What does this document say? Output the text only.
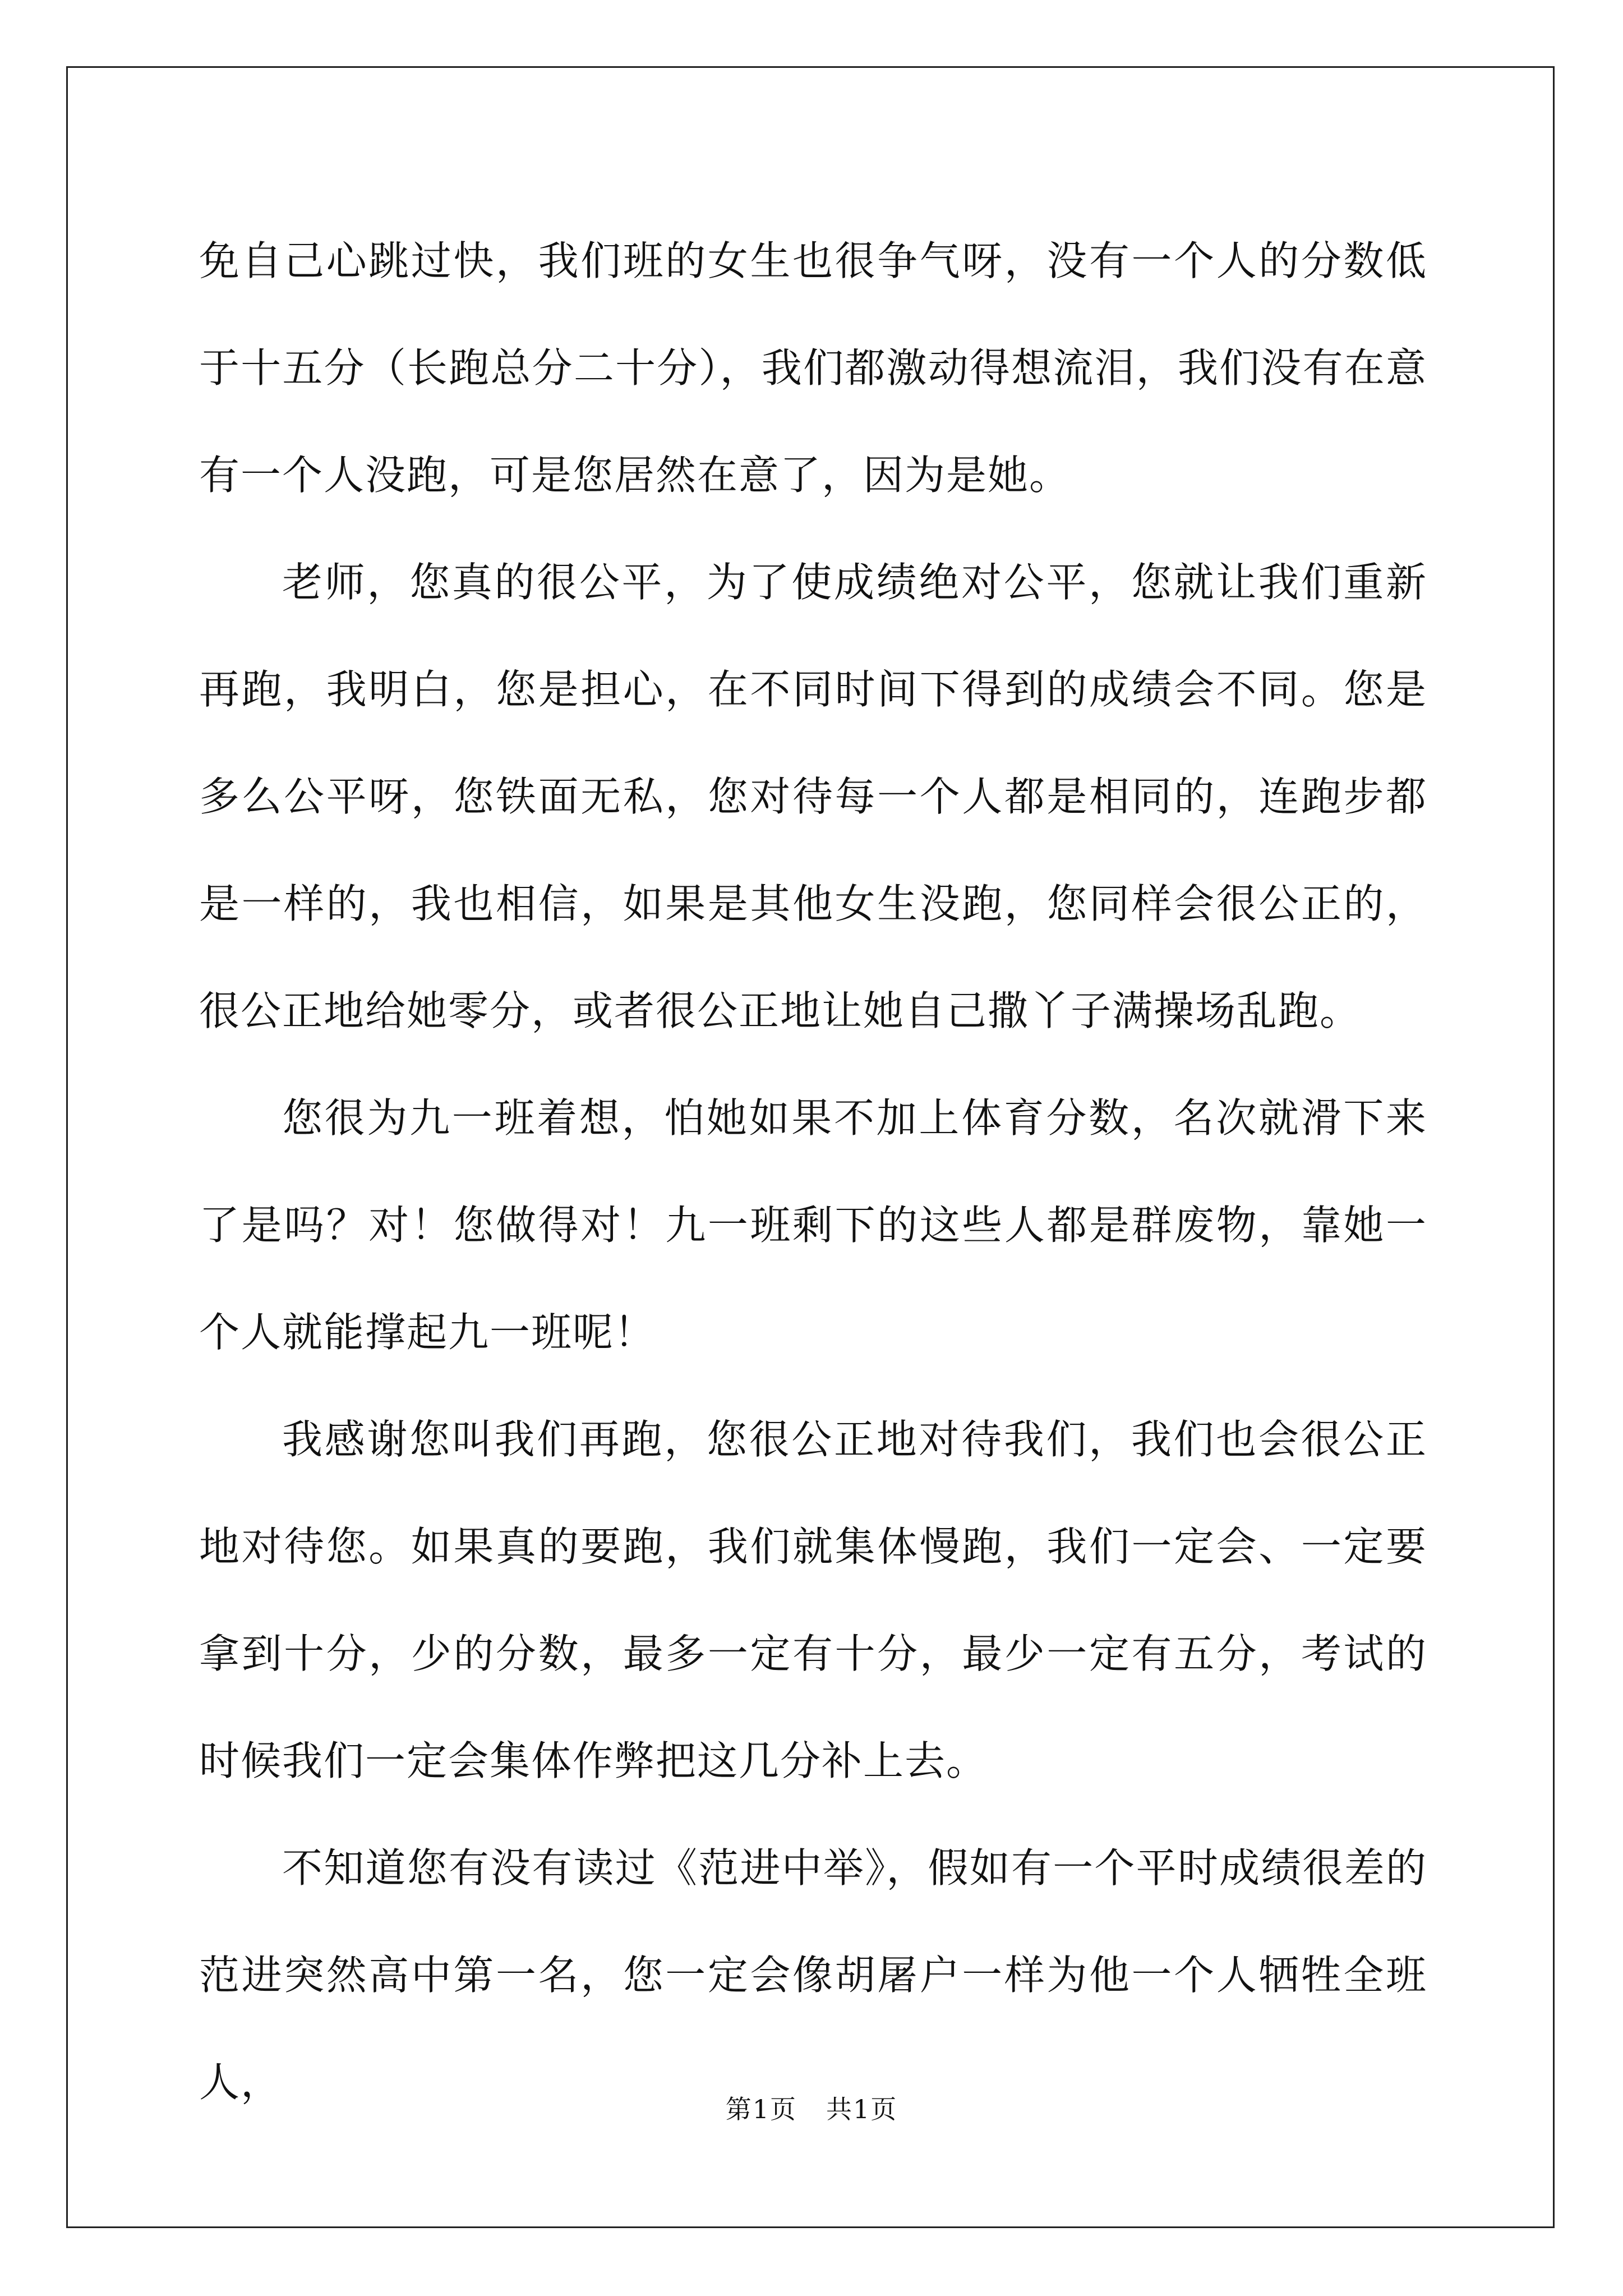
免自己心跳过快，我们班的女生也很争气呀，没有一个人的分数低于十五分（长跑总分二十分），我们都激动得想流泪，我们没有在意有一个人没跑，可是您居然在意了，因为是她。

老师，您真的很公平，为了使成绩绝对公平，您就让我们重新再跑，我明白，您是担心，在不同时间下得到的成绩会不同。您是多么公平呀，您铁面无私，您对待每一个人都是相同的，连跑步都是一样的，我也相信，如果是其他女生没跑，您同样会很公正的，很公正地给她零分，或者很公正地让她自己撒丫子满操场乱跑。

您很为九一班着想，怕她如果不加上体育分数，名次就滑下来了是吗？对！您做得对！九一班剩下的这些人都是群废物，靠她一个人就能撑起九一班呢！

我感谢您叫我们再跑，您很公正地对待我们，我们也会很公正地对待您。如果真的要跑，我们就集体慢跑，我们一定会、一定要拿到十分，少的分数，最多一定有十分，最少一定有五分，考试的时候我们一定会集体作弊把这几分补上去。

不知道您有没有读过《范进中举》，假如有一个平时成绩很差的范进突然高中第一名，您一定会像胡屠户一样为他一个人牺牲全班人，

第1页 共1页
